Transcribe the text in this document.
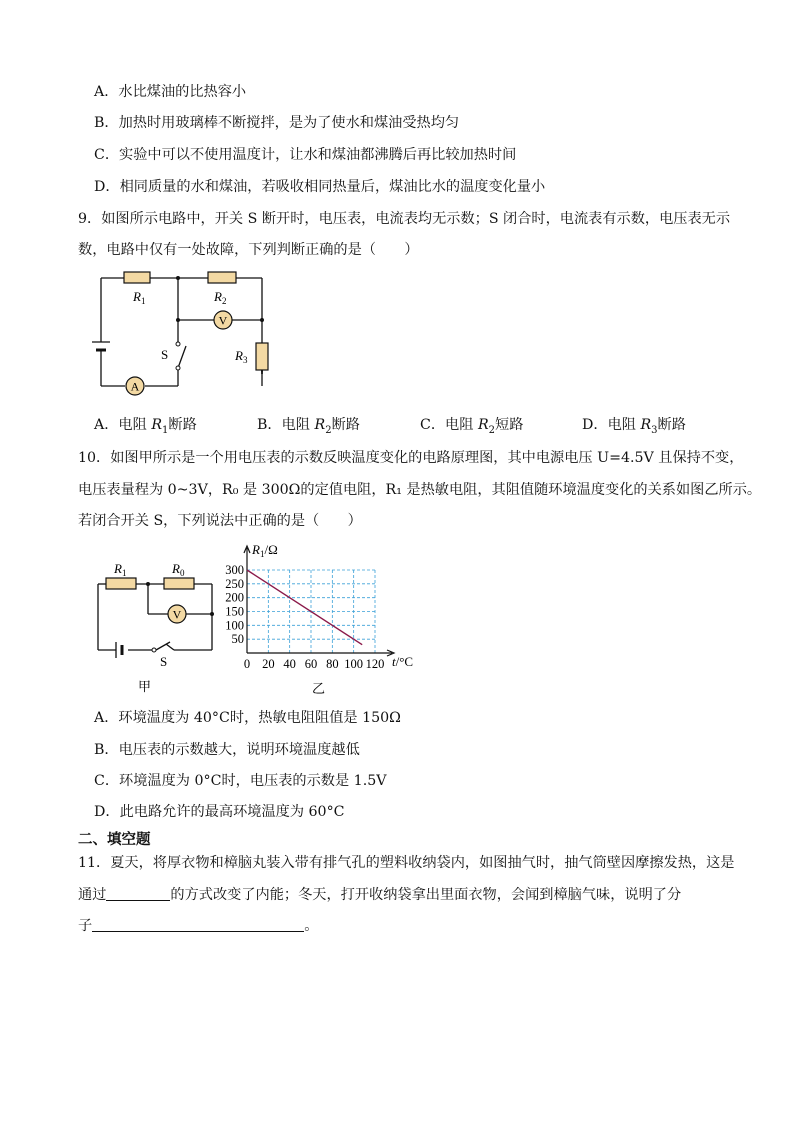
A．水比煤油的比热容小
B．加热时用玻璃棒不断搅拌，是为了使水和煤油受热均匀
C．实验中可以不使用温度计，让水和煤油都沸腾后再比较加热时间
D．相同质量的水和煤油，若吸收相同热量后，煤油比水的温度变化量小
9．如图所示电路中，开关 S 断开时，电压表，电流表均无示数；S 闭合时，电流表有示数，电压表无示
数，电路中仅有一处故障，下列判断正确的是（　　）
V
A
$R_1$	$R_2$
$R_3$
S
A．电阻 $R_1$断路	B．电阻 $R_2$断路	C．电阻 $R_2$短路	D．电阻 $R_3$断路
10．如图甲所示是一个用电压表的示数反映温度变化的电路原理图，其中电源电压 U=4.5V 且保持不变，
电压表量程为 0~3V，R₀ 是 300Ω的定值电阻，R₁ 是热敏电阻，其阻值随环境温度变化的关系如图乙所示。
若闭合开关 S，下列说法中正确的是（　　）
V
$R_1$	$R_0$
S
甲
0 20 40 60 80 100 120
300
250
200
150
100
50
$R_1/\Omega$
t/°C
乙
A．环境温度为 40°C时，热敏电阻阻值是 150Ω
B．电压表的示数越大，说明环境温度越低
C．环境温度为 0°C时，电压表的示数是 1.5V
D．此电路允许的最高环境温度为 60°C
二、填空题
11．夏天，将厚衣物和樟脑丸装入带有排气孔的塑料收纳袋内，如图抽气时，抽气筒壁因摩擦发热，这是
通过	的方式改变了内能；冬天，打开收纳袋拿出里面衣物，会闻到樟脑气味，说明了分
子	。
